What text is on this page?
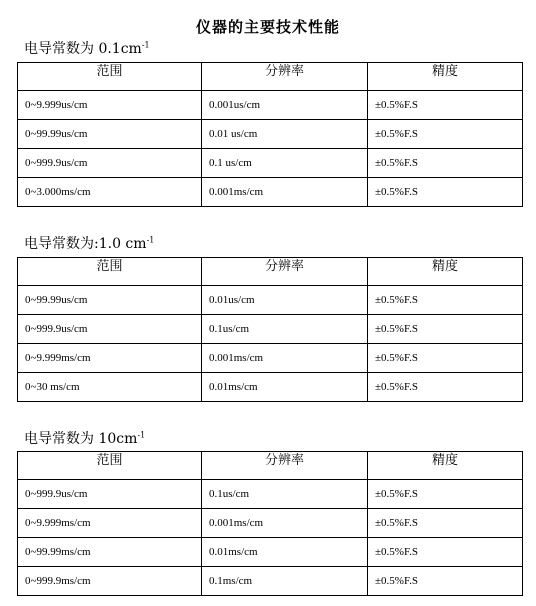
仪器的主要技术性能
电导常数为 $0.1cm^{-1}$
范围	分辨率	精度
0~9.999us/cm	0.001us/cm	±0.5%F.S
0~99.99us/cm	0.01 us/cm	±0.5%F.S
0~999.9us/cm	0.1 us/cm	±0.5%F.S
0~3.000ms/cm	0.001ms/cm	±0.5%F.S
电导常数为:1.0 $cm^{-1}$
范围	分辨率	精度
0~99.99us/cm	0.01us/cm	±0.5%F.S
0~999.9us/cm	0.1us/cm	±0.5%F.S
0~9.999ms/cm	0.001ms/cm	±0.5%F.S
0~30 ms/cm	0.01ms/cm	±0.5%F.S
电导常数为 $10cm^{-1}$
范围	分辨率	精度
0~999.9us/cm	0.1us/cm	±0.5%F.S
0~9.999ms/cm	0.001ms/cm	±0.5%F.S
0~99.99ms/cm	0.01ms/cm	±0.5%F.S
0~999.9ms/cm	0.1ms/cm	±0.5%F.S
